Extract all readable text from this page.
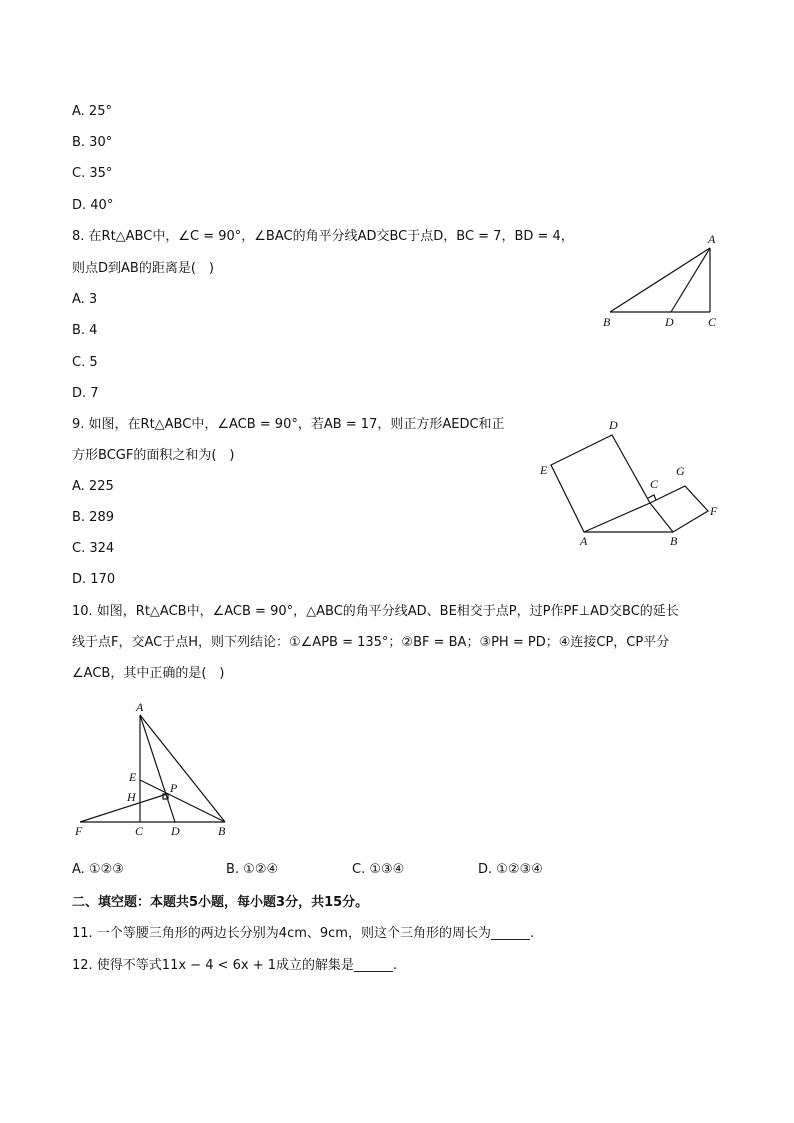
A. 25°
B. 30°
C. 35°
D. 40°
8. 在Rt△ABC中，∠C = 90°，∠BAC的角平分线AD交BC于点D，BC = 7，BD = 4，
则点D到AB的距离是(　)
A. 3
B. 4
C. 5
D. 7
A
B	D	C
9. 如图，在Rt△ABC中，∠ACB = 90°，若AB = 17，则正方形AEDC和正
方形BCGF的面积之和为(　)
A. 225
B. 289
C. 324
D. 170
D
E	G
C
F
A	B
10. 如图，Rt△ACB中，∠ACB = 90°，△ABC的角平分线AD、BE相交于点P，过P作PF⊥AD交BC的延长
线于点F，交AC于点H，则下列结论：①∠APB = 135°；②BF = BA；③PH = PD；④连接CP，CP平分
∠ACB，其中正确的是(　)
A
E
H
P
F	C D	B
A. ①②③	B. ①②④	C. ①③④	D. ①②③④
二、填空题：本题共5小题，每小题3分，共15分。
11. 一个等腰三角形的两边长分别为4cm、9cm，则这个三角形的周长为______.
12. 使得不等式11x − 4 < 6x + 1成立的解集是______.
